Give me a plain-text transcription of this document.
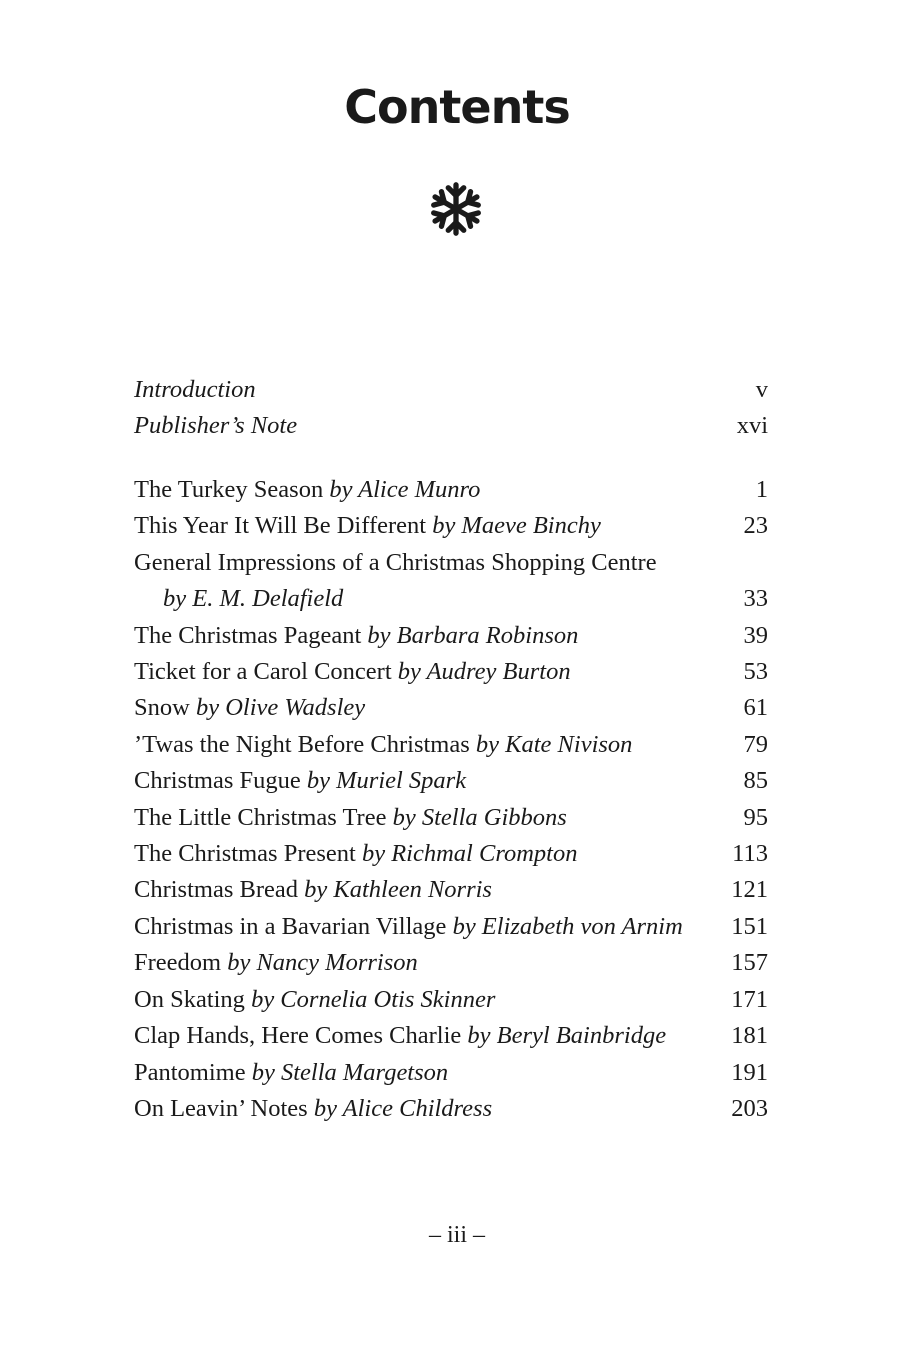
Contents
Introduction	v
Publisher’s Note	xvi
The Turkey Season by Alice Munro	1
This Year It Will Be Different by Maeve Binchy	23
General Impressions of a Christmas Shopping Centre
by E. M. Delafield	33
The Christmas Pageant by Barbara Robinson	39
Ticket for a Carol Concert by Audrey Burton	53
Snow by Olive Wadsley	61
’Twas the Night Before Christmas by Kate Nivison	79
Christmas Fugue by Muriel Spark	85
The Little Christmas Tree by Stella Gibbons	95
The Christmas Present by Richmal Crompton	113
Christmas Bread by Kathleen Norris	121
Christmas in a Bavarian Village by Elizabeth von Arnim	151
Freedom by Nancy Morrison	157
On Skating by Cornelia Otis Skinner	171
Clap Hands, Here Comes Charlie by Beryl Bainbridge	181
Pantomime by Stella Margetson	191
On Leavin’ Notes by Alice Childress	203
– iii –
